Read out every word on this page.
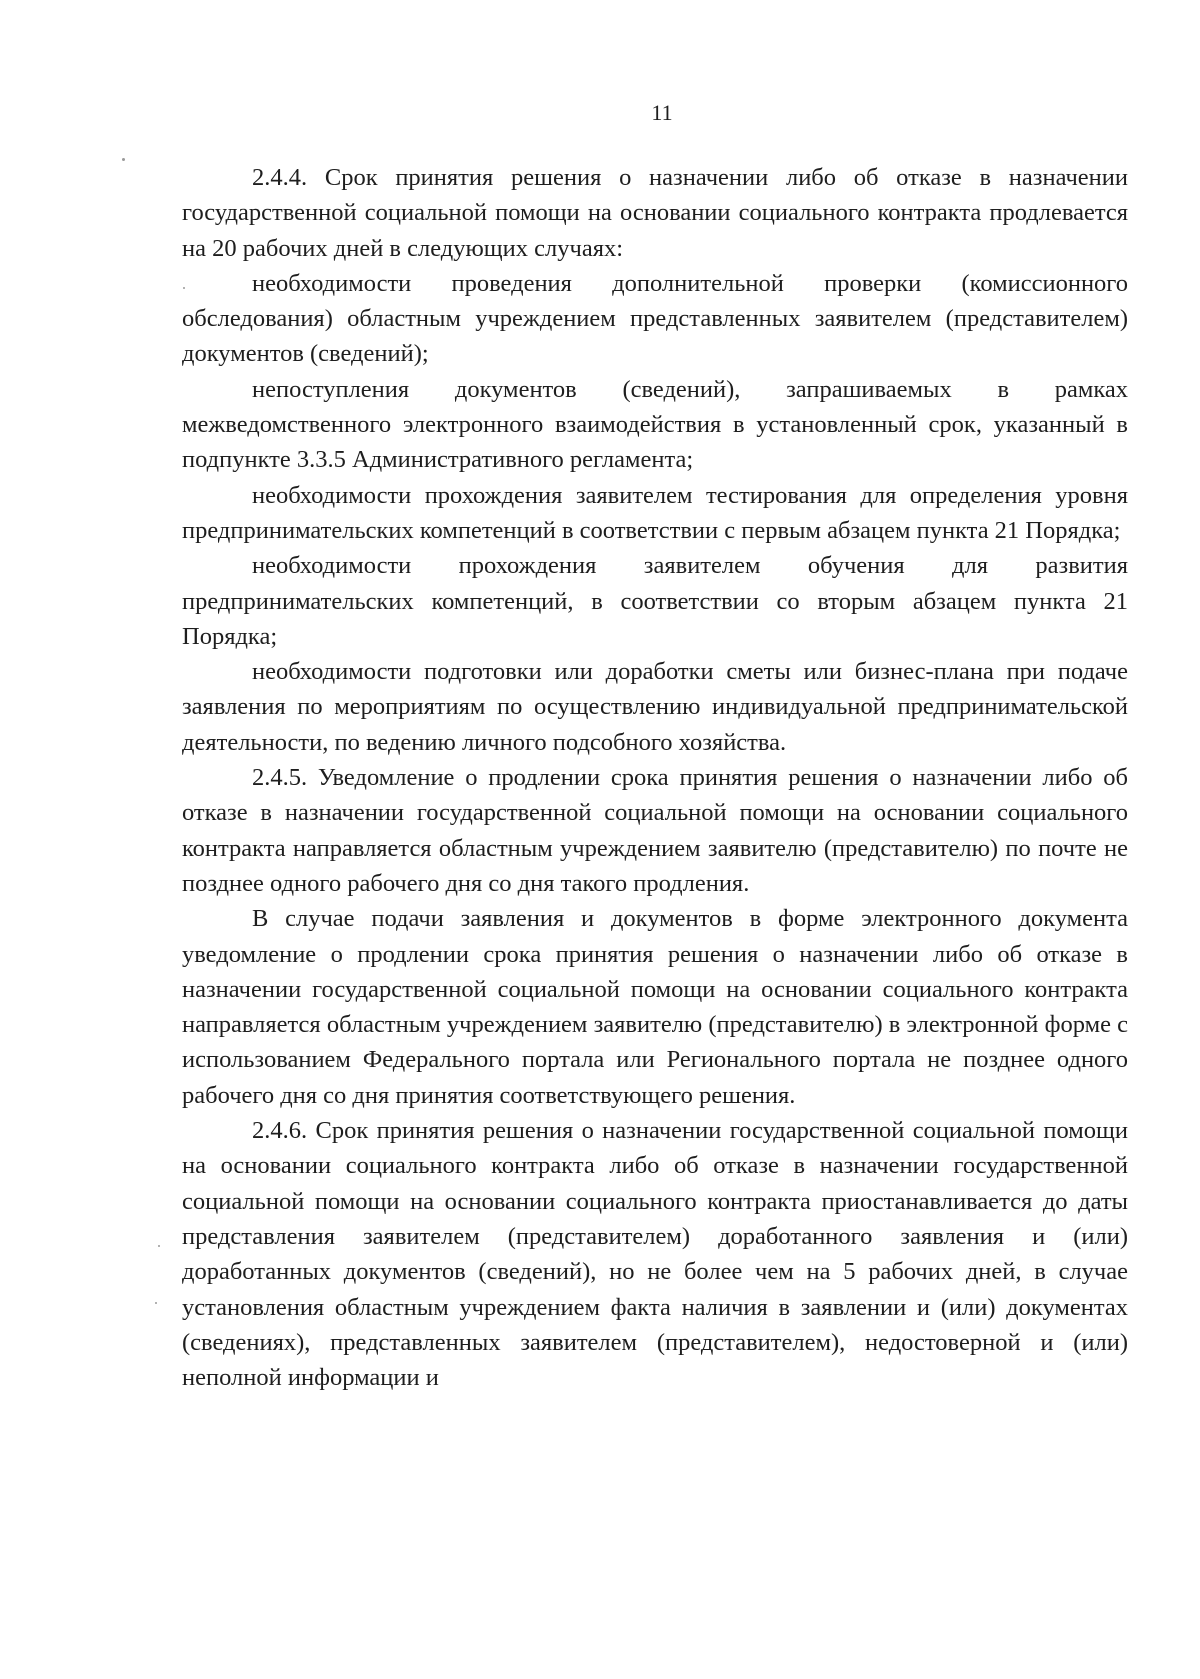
11

2.4.4. Срок принятия решения о назначении либо об отказе в назначении государственной социальной помощи на основании социального контракта продлевается на 20 рабочих дней в следующих случаях:

необходимости проведения дополнительной проверки (комиссионного обследования) областным учреждением представленных заявителем (представителем) документов (сведений);

непоступления документов (сведений), запрашиваемых в рамках межведомственного электронного взаимодействия в установленный срок, указанный в подпункте 3.3.5 Административного регламента;

необходимости прохождения заявителем тестирования для определения уровня предпринимательских компетенций в соответствии с первым абзацем пункта 21 Порядка;

необходимости прохождения заявителем обучения для развития предпринимательских компетенций, в соответствии со вторым абзацем пункта 21 Порядка;

необходимости подготовки или доработки сметы или бизнес-плана при подаче заявления по мероприятиям по осуществлению индивидуальной предпринимательской деятельности, по ведению личного подсобного хозяйства.

2.4.5. Уведомление о продлении срока принятия решения о назначении либо об отказе в назначении государственной социальной помощи на основании социального контракта направляется областным учреждением заявителю (представителю) по почте не позднее одного рабочего дня со дня такого продления.

В случае подачи заявления и документов в форме электронного документа уведомление о продлении срока принятия решения о назначении либо об отказе в назначении государственной социальной помощи на основании социального контракта направляется областным учреждением заявителю (представителю) в электронной форме с использованием Федерального портала или Регионального портала не позднее одного рабочего дня со дня принятия соответствующего решения.

2.4.6. Срок принятия решения о назначении государственной социальной помощи на основании социального контракта либо об отказе в назначении государственной социальной помощи на основании социального контракта приостанавливается до даты представления заявителем (представителем) доработанного заявления и (или) доработанных документов (сведений), но не более чем на 5 рабочих дней, в случае установления областным учреждением факта наличия в заявлении и (или) документах (сведениях), представленных заявителем (представителем), недостоверной и (или) неполной информации и
